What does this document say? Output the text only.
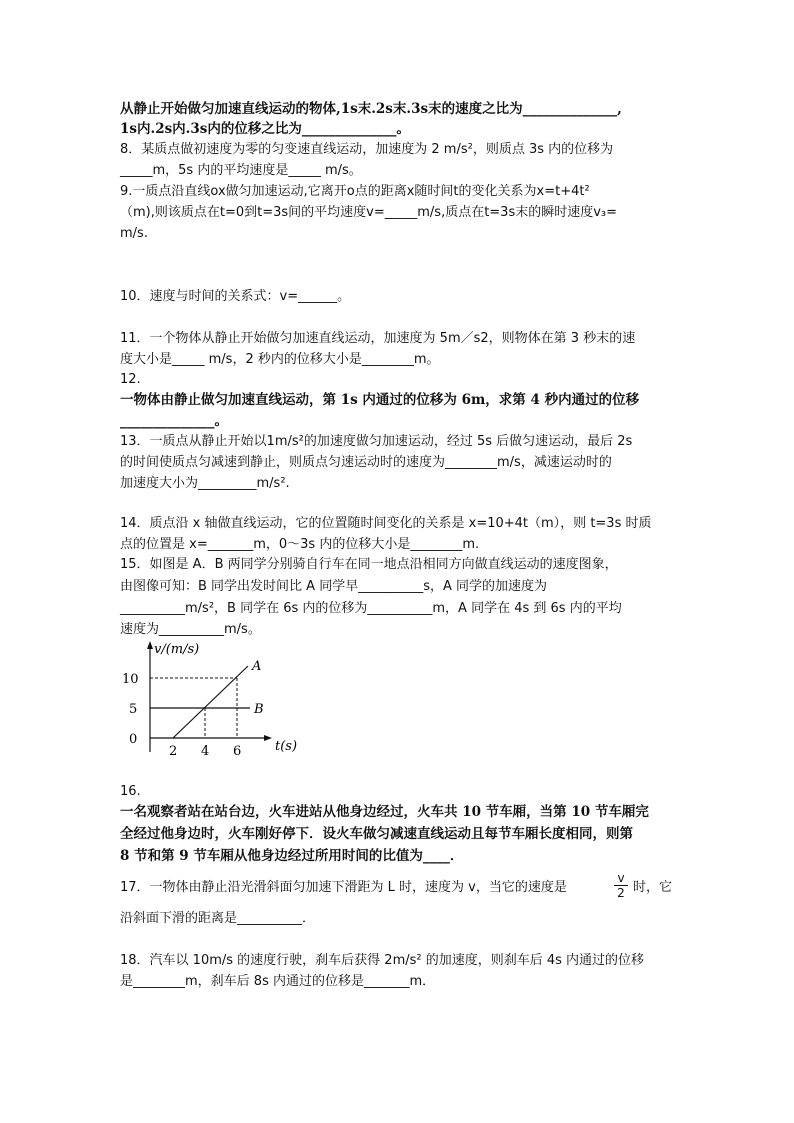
从静止开始做匀加速直线运动的物体,1s末.2s末.3s末的速度之比为______________,
1s内.2s内.3s内的位移之比为______________。
8．某质点做初速度为零的匀变速直线运动，加速度为 2 m/s²，则质点 3s 内的位移为
_____m，5s 内的平均速度是_____ m/s。
9.一质点沿直线ox做匀加速运动,它离开o点的距离x随时间t的变化关系为x=t+4t²
（m),则该质点在t=0到t=3s间的平均速度v=_____m/s,质点在t=3s末的瞬时速度v₃=
m/s.
10．速度与时间的关系式：v=______。
11．一个物体从静止开始做匀加速直线运动，加速度为 5m／s2，则物体在第 3 秒末的速
度大小是_____ m/s，2 秒内的位移大小是________m。
12.
一物体由静止做匀加速直线运动，第 1s 内通过的位移为 6m，求第 4 秒内通过的位移
______________。
13．一质点从静止开始以1m/s²的加速度做匀加速运动，经过 5s 后做匀速运动，最后 2s
的时间使质点匀减速到静止，则质点匀速运动时的速度为________m/s，减速运动时的
加速度大小为_________m/s².
14．质点沿 x 轴做直线运动，它的位置随时间变化的关系是 x=10+4t（m），则 t=3s 时质
点的位置是 x=_______m，0～3s 内的位移大小是________m.
15．如图是 A．B 两同学分别骑自行车在同一地点沿相同方向做直线运动的速度图象，
由图像可知：B 同学出发时间比 A 同学早__________s，A 同学的加速度为
__________m/s²，B 同学在 6s 内的位移为__________m，A 同学在 4s 到 6s 内的平均
速度为__________m/s。
v/(m/s)
t(s)
10
5
0
2 4 6
A
B
16.
一名观察者站在站台边，火车进站从他身边经过，火车共 10 节车厢，当第 10 节车厢完
全经过他身边时，火车刚好停下．设火车做匀减速直线运动且每节车厢长度相同，则第
8 节和第 9 节车厢从他身边经过所用时间的比值为____．
17．一物体由静止沿光滑斜面匀加速下滑距为 L 时，速度为 v，当它的速度是	$\frac{v}{2}$ 时，它
沿斜面下滑的距离是__________．
18．汽车以 10m/s 的速度行驶，刹车后获得 2m/s² 的加速度，则刹车后 4s 内通过的位移
是________m，刹车后 8s 内通过的位移是_______m．
